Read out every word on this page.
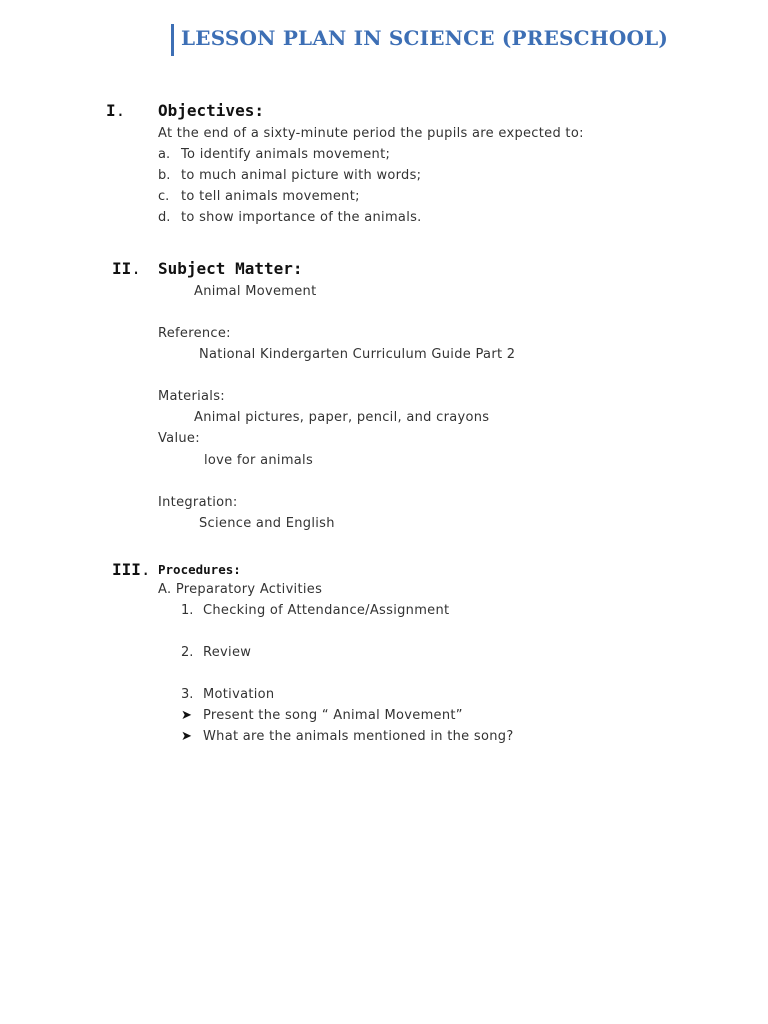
LESSON PLAN IN SCIENCE (PRESCHOOL)
I. Objectives:
At the end of a sixty-minute period the pupils are expected to:
a. To identify animals movement;
b. to much animal picture with words;
c. to tell animals movement;
d. to show importance of the animals.
II. Subject Matter:
Animal Movement
Reference:
National Kindergarten Curriculum Guide Part 2
Materials:
Animal pictures, paper, pencil, and crayons
Value:
love for animals
Integration:
Science and English
III. Procedures:
A. Preparatory Activities
1. Checking of Attendance/Assignment
2. Review
3. Motivation
➤ Present the song “ Animal Movement”
➤ What are the animals mentioned in the song?
